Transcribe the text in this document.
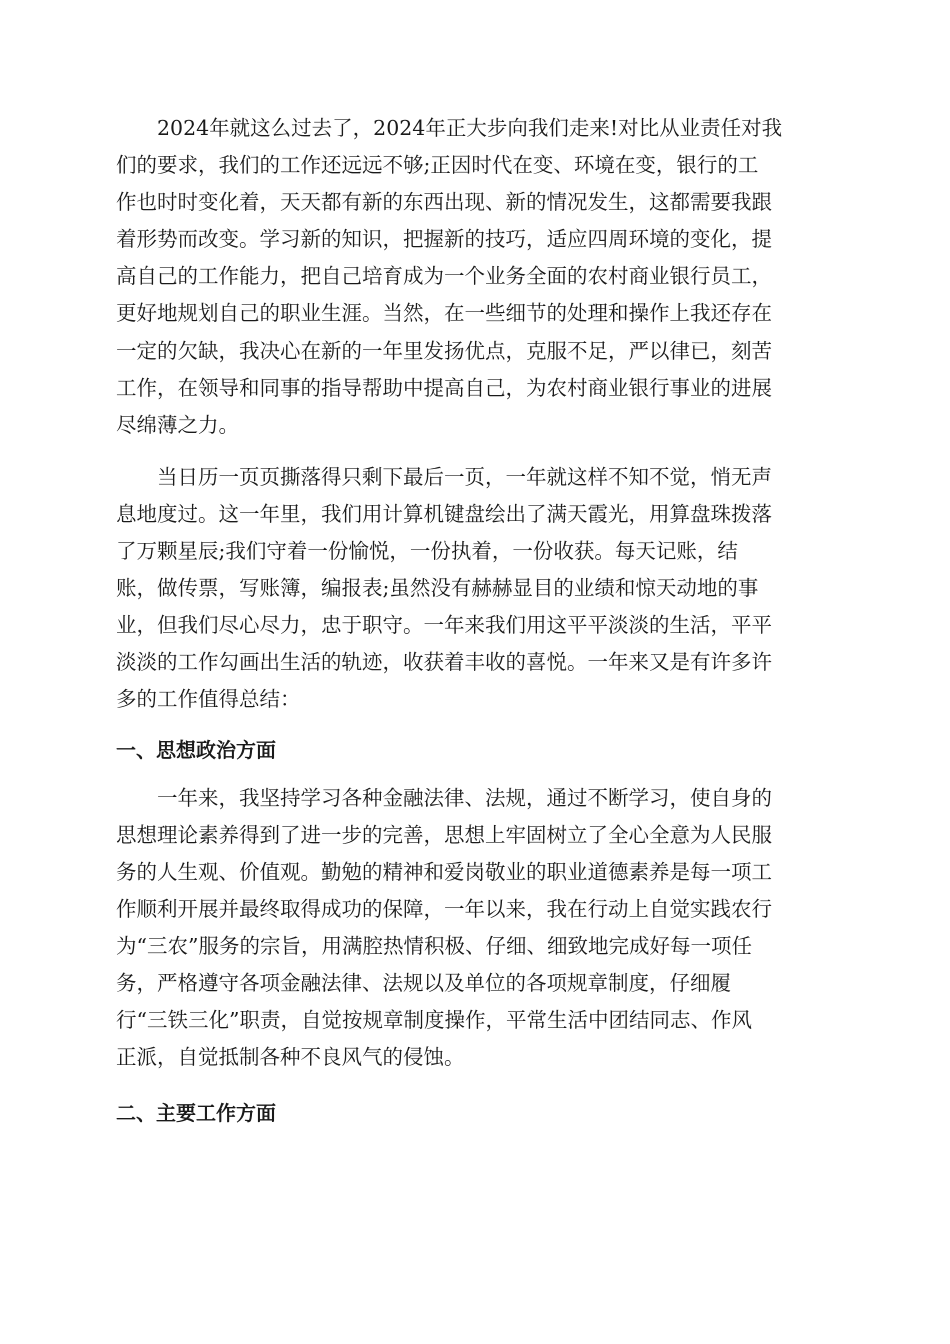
　　2024年就这么过去了，2024年正大步向我们走来!对比从业责任对我
们的要求，我们的工作还远远不够;正因时代在变、环境在变，银行的工
作也时时变化着，天天都有新的东西出现、新的情况发生，这都需要我跟
着形势而改变。学习新的知识，把握新的技巧，适应四周环境的变化，提
高自己的工作能力，把自己培育成为一个业务全面的农村商业银行员工，
更好地规划自己的职业生涯。当然，在一些细节的处理和操作上我还存在
一定的欠缺，我决心在新的一年里发扬优点，克服不足，严以律已，刻苦
工作，在领导和同事的指导帮助中提高自己，为农村商业银行事业的进展
尽绵薄之力。
　　当日历一页页撕落得只剩下最后一页，一年就这样不知不觉，悄无声
息地度过。这一年里，我们用计算机键盘绘出了满天霞光，用算盘珠拨落
了万颗星辰;我们守着一份愉悦，一份执着，一份收获。每天记账，结
账，做传票，写账簿，编报表;虽然没有赫赫显目的业绩和惊天动地的事
业，但我们尽心尽力，忠于职守。一年来我们用这平平淡淡的生活，平平
淡淡的工作勾画出生活的轨迹，收获着丰收的喜悦。一年来又是有许多许
多的工作值得总结：
一、思想政治方面
　　一年来，我坚持学习各种金融法律、法规，通过不断学习，使自身的
思想理论素养得到了进一步的完善，思想上牢固树立了全心全意为人民服
务的人生观、价值观。勤勉的精神和爱岗敬业的职业道德素养是每一项工
作顺利开展并最终取得成功的保障，一年以来，我在行动上自觉实践农行
为“三农”服务的宗旨，用满腔热情积极、仔细、细致地完成好每一项任
务，严格遵守各项金融法律、法规以及单位的各项规章制度，仔细履
行“三铁三化”职责，自觉按规章制度操作，平常生活中团结同志、作风
正派，自觉抵制各种不良风气的侵蚀。
二、主要工作方面
